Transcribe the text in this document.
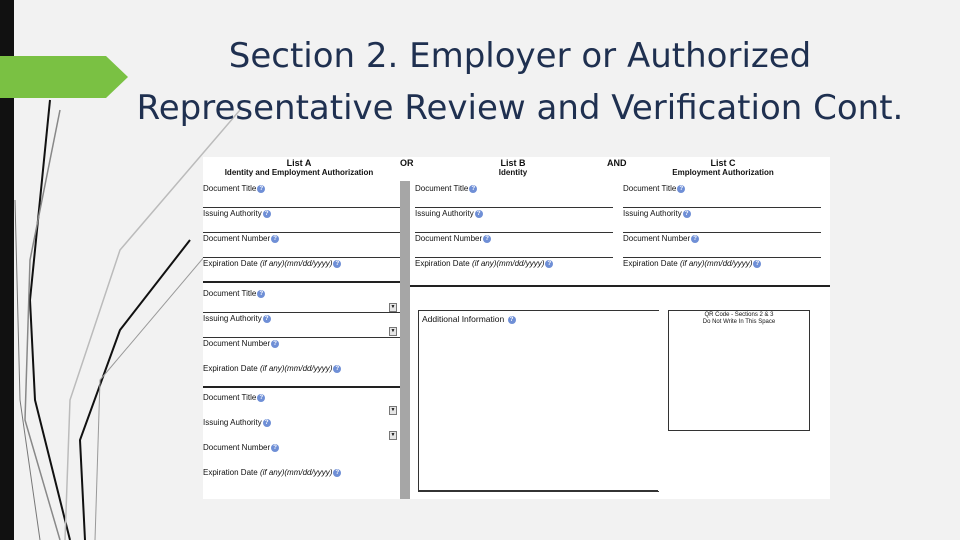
Section 2. Employer or Authorized
Representative Review and Verification Cont.
List A
Identity and Employment Authorization
OR	List B
Identity
AND	List C
Employment Authorization
Document Title ?
Issuing Authority ?
Document Number ?
Expiration Date (if any)(mm/dd/yyyy) ?
Document Title ?
▼
Issuing Authority ?
▼
Document Number ?
Expiration Date (if any)(mm/dd/yyyy) ?
Document Title ?
▼
Issuing Authority ?
▼
Document Number ?
Expiration Date (if any)(mm/dd/yyyy) ?
Document Title ?
Issuing Authority ?
Document Number ?
Expiration Date (if any)(mm/dd/yyyy) ?
Document Title ?
Issuing Authority ?
Document Number ?
Expiration Date (if any)(mm/dd/yyyy) ?
Additional Information ?
QR Code - Sections 2 & 3
Do Not Write In This Space
